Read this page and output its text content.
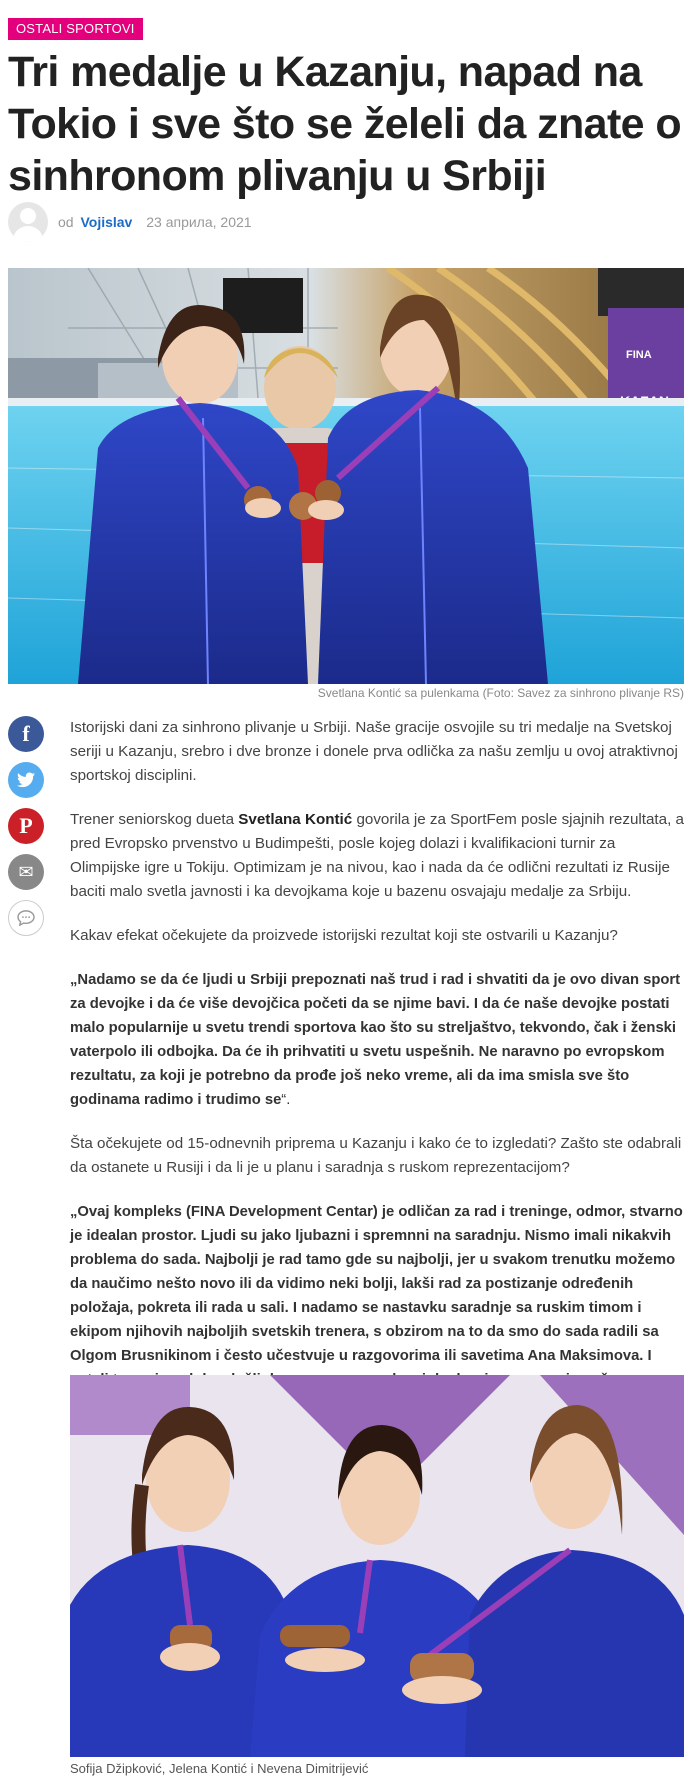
OSTALI SPORTOVI
Tri medalje u Kazanju, napad na Tokio i sve što se želeli da znate o sinhronom plivanju u Srbiji
od Vojislav 23 априла, 2021
FINA
Svetlana Kontić sa pulenkama (Foto: Savez za sinhrono plivanje RS)
f
P
✉

Istorijski dani za sinhrono plivanje u Srbiji. Naše gracije osvojile su tri medalje na Svetskoj seriji u Kazanju, srebro i dve bronze i donele prva odlička za našu zemlju u ovoj atraktivnoj sportskoj disciplini.

Trener seniorskog dueta Svetlana Kontić govorila je za SportFem posle sjajnih rezultata, a pred Evropsko prvenstvo u Budimpešti, posle kojeg dolazi i kvalifikacioni turnir za Olimpijske igre u Tokiju. Optimizam je na nivou, kao i nada da će odlični rezultati iz Rusije baciti malo svetla javnosti i ka devojkama koje u bazenu osvajaju medalje za Srbiju.

Kakav efekat očekujete da proizvede istorijski rezultat koji ste ostvarili u Kazanju?

„Nadamo se da će ljudi u Srbiji prepoznati naš trud i rad i shvatiti da je ovo divan sport za devojke i da će više devojčica početi da se njime bavi. I da će naše devojke postati malo popularnije u svetu trendi sportova kao što su streljaštvo, tekvondo, čak i ženski vaterpolo ili odbojka. Da će ih prihvatiti u svetu uspešnih. Ne naravno po evropskom rezultatu, za koji je potrebno da prođe još neko vreme, ali da ima smisla sve što godinama radimo i trudimo se“.

Šta očekujete od 15-odnevnih priprema u Kazanju i kako će to izgledati? Zašto ste odabrali da ostanete u Rusiji i da li je u planu i saradnja s ruskom reprezentacijom?

„Ovaj kompleks (FINA Development Centar) je odličan za rad i treninge, odmor, stvarno je idealan prostor. Ljudi su jako ljubazni i spremnni na saradnju. Nismo imali nikakvih problema do sada. Najbolji je rad tamo gde su najbolji, jer u svakom trenutku možemo da naučimo nešto novo ili da vidimo neki bolji, lakši rad za postizanje određenih položaja, pokreta ili rada u sali. I nadamo se nastavku saradnje sa ruskim timom i ekipom njihovih najboljih svetskih trenera, s obzirom na to da smo do sada radili sa Olgom Brusnikinom i često učestvuje u razgovorima ili savetima Ana Maksimova. I

Sofija Džipković, Jelena Kontić i Nevena Dimitrijević
